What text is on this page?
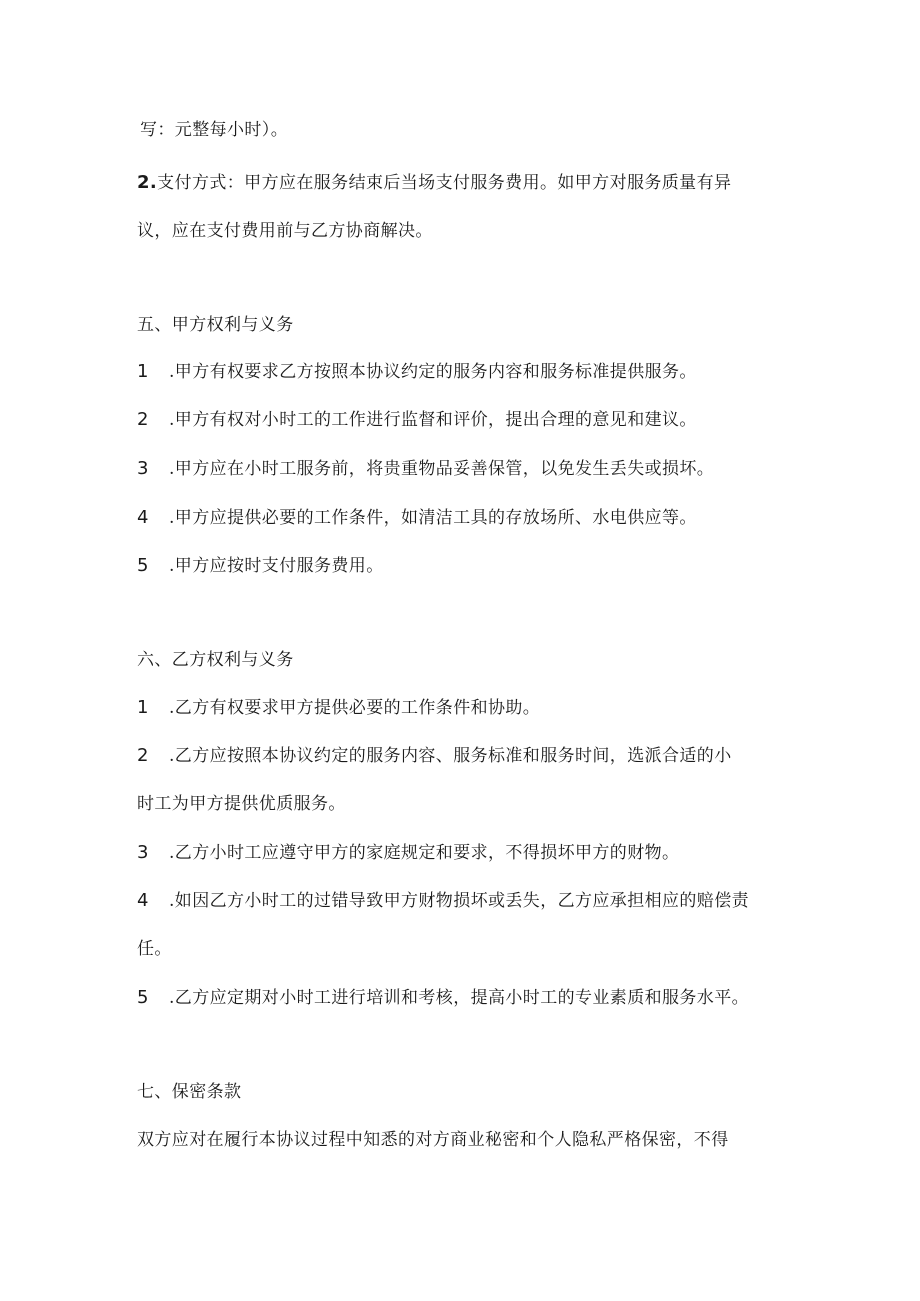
写：元整每小时）。
2.支付方式：甲方应在服务结束后当场支付服务费用。如甲方对服务质量有异
议，应在支付费用前与乙方协商解决。
五、甲方权利与义务
1 .甲方有权要求乙方按照本协议约定的服务内容和服务标准提供服务。
2 .甲方有权对小时工的工作进行监督和评价，提出合理的意见和建议。
3 .甲方应在小时工服务前，将贵重物品妥善保管，以免发生丢失或损坏。
4 .甲方应提供必要的工作条件，如清洁工具的存放场所、水电供应等。
5 .甲方应按时支付服务费用。
六、乙方权利与义务
1 .乙方有权要求甲方提供必要的工作条件和协助。
2 .乙方应按照本协议约定的服务内容、服务标准和服务时间，选派合适的小
时工为甲方提供优质服务。
3 .乙方小时工应遵守甲方的家庭规定和要求，不得损坏甲方的财物。
4 .如因乙方小时工的过错导致甲方财物损坏或丢失，乙方应承担相应的赔偿责
任。
5 .乙方应定期对小时工进行培训和考核，提高小时工的专业素质和服务水平。
七、保密条款
双方应对在履行本协议过程中知悉的对方商业秘密和个人隐私严格保密，不得
